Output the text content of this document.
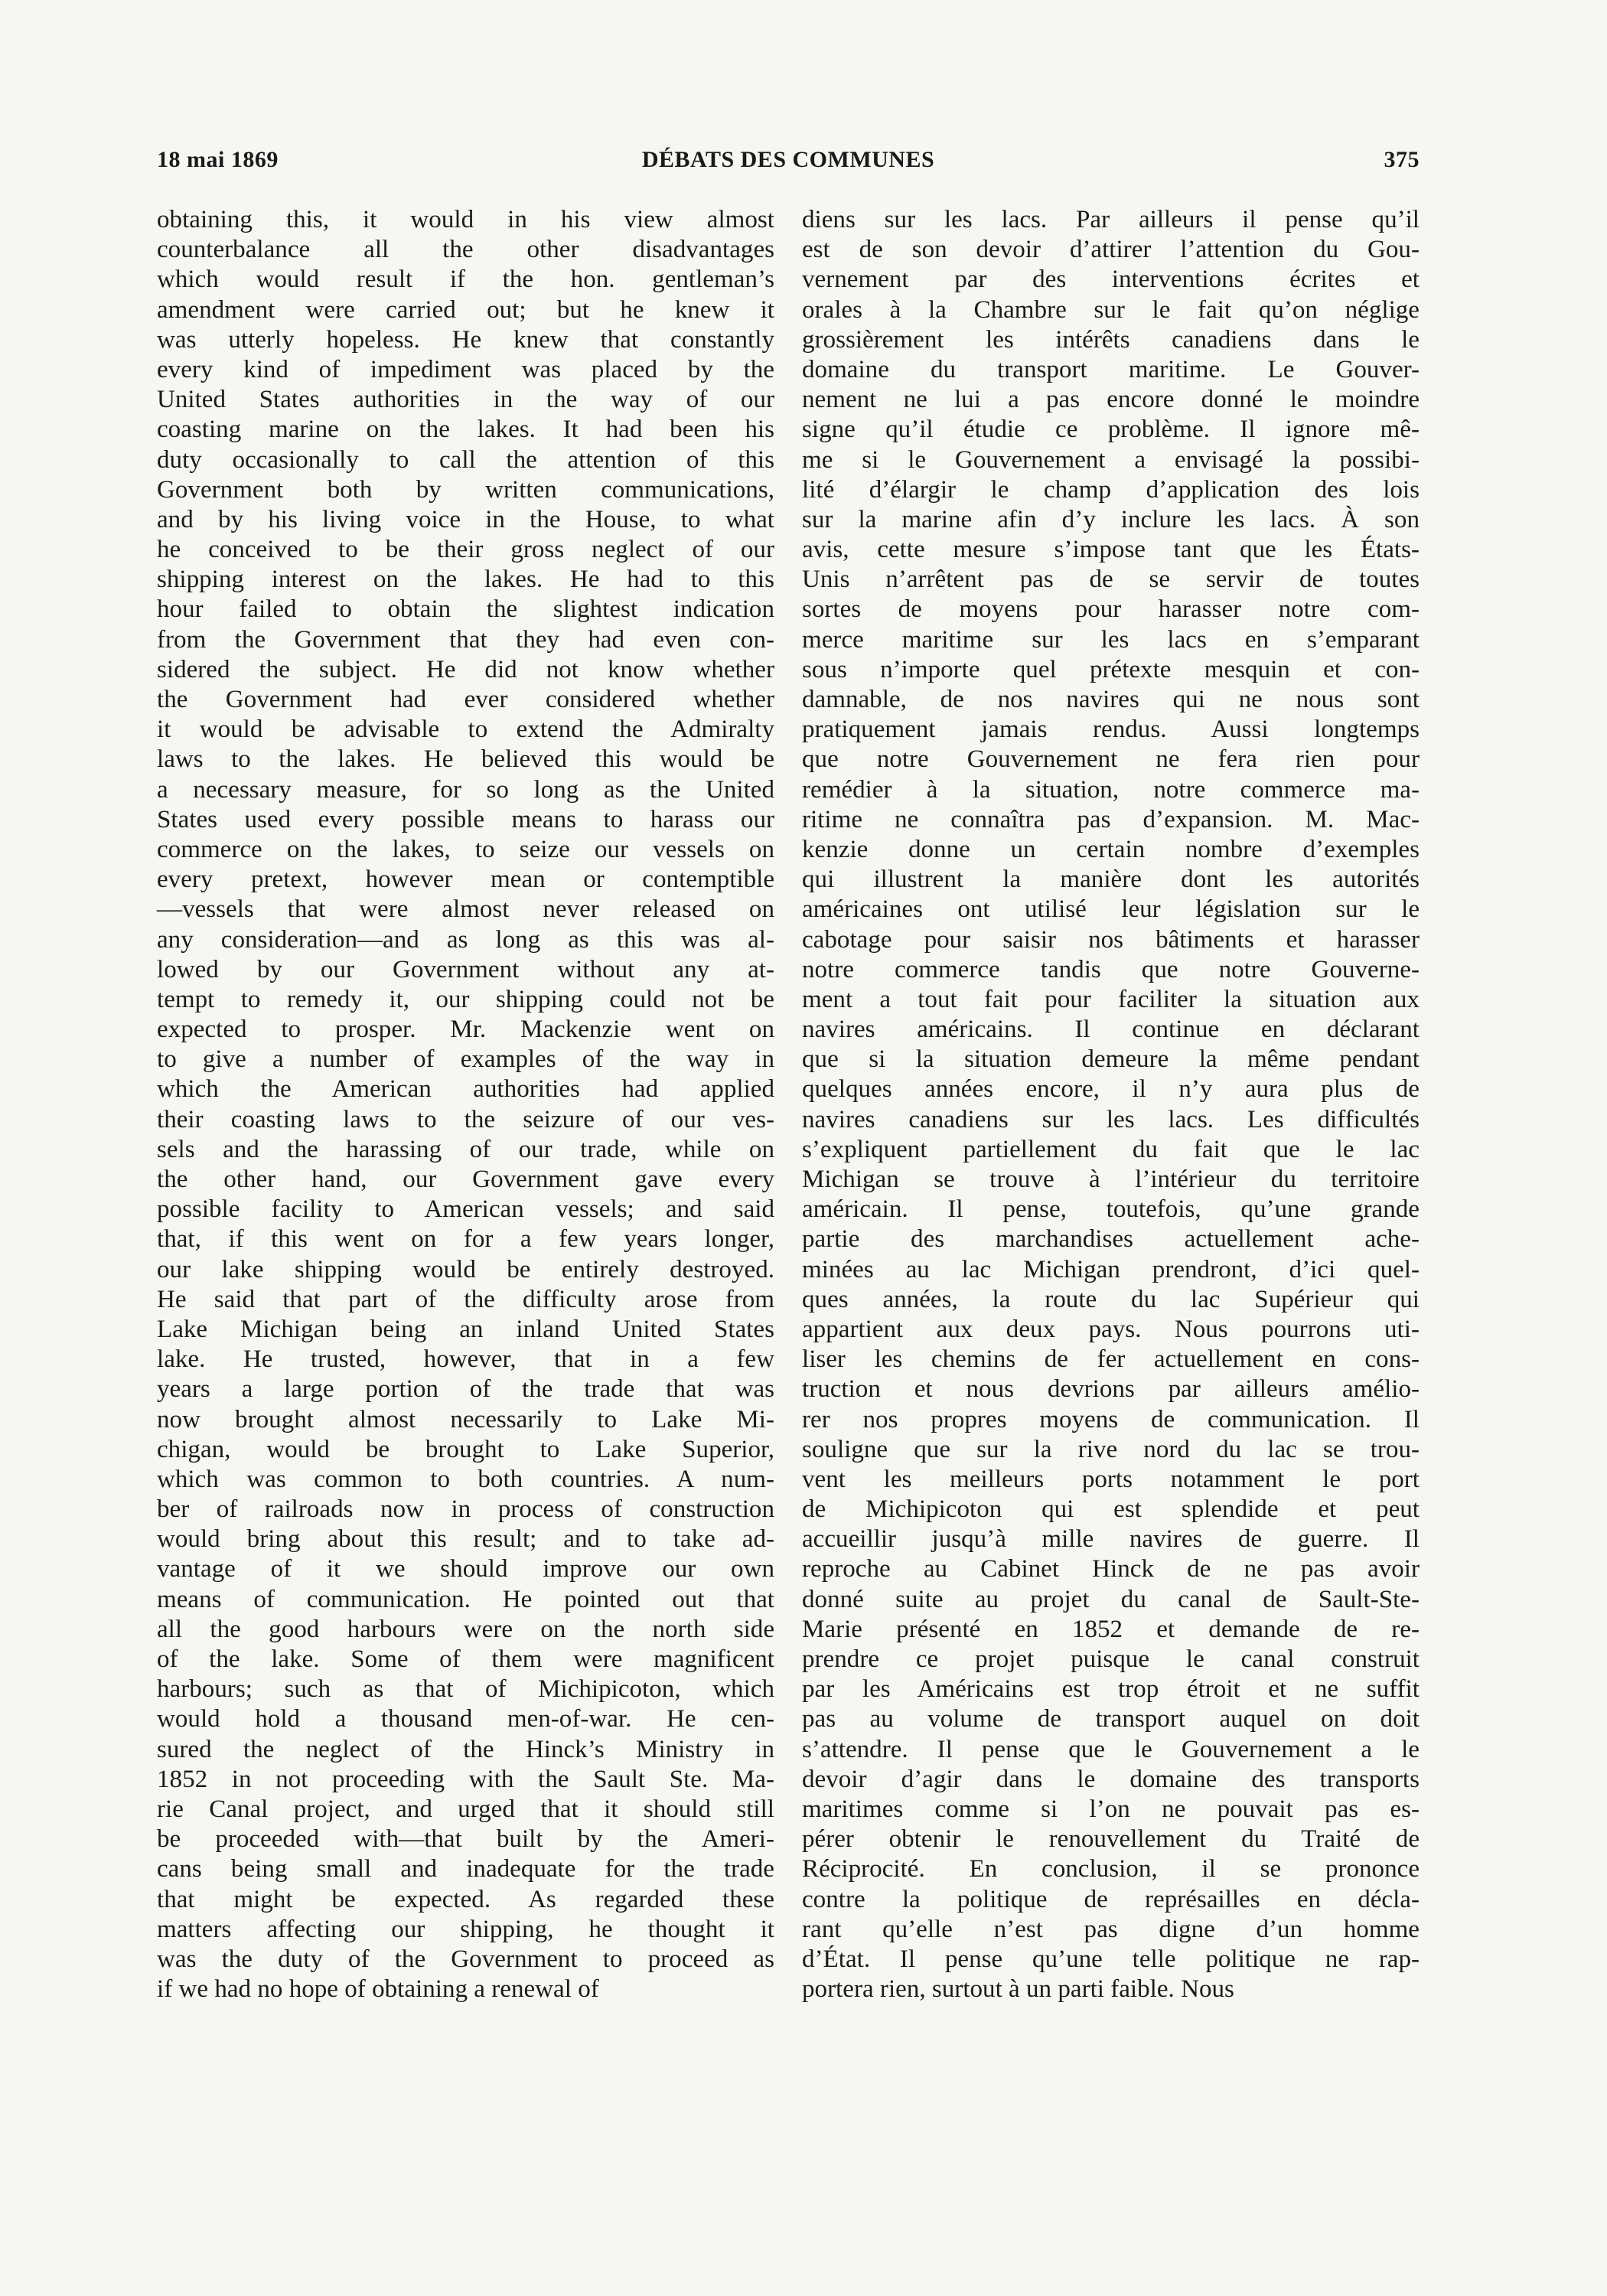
18 mai 1869	DÉBATS DES COMMUNES	375
obtaining this, it would in his view almost
counterbalance all the other disadvantages
which would result if the hon. gentleman’s
amendment were carried out; but he knew it
was utterly hopeless. He knew that constantly
every kind of impediment was placed by the
United States authorities in the way of our
coasting marine on the lakes. It had been his
duty occasionally to call the attention of this
Government both by written communications,
and by his living voice in the House, to what
he conceived to be their gross neglect of our
shipping interest on the lakes. He had to this
hour failed to obtain the slightest indication
from the Government that they had even con-
sidered the subject. He did not know whether
the Government had ever considered whether
it would be advisable to extend the Admiralty
laws to the lakes. He believed this would be
a necessary measure, for so long as the United
States used every possible means to harass our
commerce on the lakes, to seize our vessels on
every pretext, however mean or contemptible
—vessels that were almost never released on
any consideration—and as long as this was al-
lowed by our Government without any at-
tempt to remedy it, our shipping could not be
expected to prosper. Mr. Mackenzie went on
to give a number of examples of the way in
which the American authorities had applied
their coasting laws to the seizure of our ves-
sels and the harassing of our trade, while on
the other hand, our Government gave every
possible facility to American vessels; and said
that, if this went on for a few years longer,
our lake shipping would be entirely destroyed.
He said that part of the difficulty arose from
Lake Michigan being an inland United States
lake. He trusted, however, that in a few
years a large portion of the trade that was
now brought almost necessarily to Lake Mi-
chigan, would be brought to Lake Superior,
which was common to both countries. A num-
ber of railroads now in process of construction
would bring about this result; and to take ad-
vantage of it we should improve our own
means of communication. He pointed out that
all the good harbours were on the north side
of the lake. Some of them were magnificent
harbours; such as that of Michipicoton, which
would hold a thousand men-of-war. He cen-
sured the neglect of the Hinck’s Ministry in
1852 in not proceeding with the Sault Ste. Ma-
rie Canal project, and urged that it should still
be proceeded with—that built by the Ameri-
cans being small and inadequate for the trade
that might be expected. As regarded these
matters affecting our shipping, he thought it
was the duty of the Government to proceed as
if we had no hope of obtaining a renewal of
diens sur les lacs. Par ailleurs il pense qu’il
est de son devoir d’attirer l’attention du Gou-
vernement par des interventions écrites et
orales à la Chambre sur le fait qu’on néglige
grossièrement les intérêts canadiens dans le
domaine du transport maritime. Le Gouver-
nement ne lui a pas encore donné le moindre
signe qu’il étudie ce problème. Il ignore mê-
me si le Gouvernement a envisagé la possibi-
lité d’élargir le champ d’application des lois
sur la marine afin d’y inclure les lacs. À son
avis, cette mesure s’impose tant que les États-
Unis n’arrêtent pas de se servir de toutes
sortes de moyens pour harasser notre com-
merce maritime sur les lacs en s’emparant
sous n’importe quel prétexte mesquin et con-
damnable, de nos navires qui ne nous sont
pratiquement jamais rendus. Aussi longtemps
que notre Gouvernement ne fera rien pour
remédier à la situation, notre commerce ma-
ritime ne connaîtra pas d’expansion. M. Mac-
kenzie donne un certain nombre d’exemples
qui illustrent la manière dont les autorités
américaines ont utilisé leur législation sur le
cabotage pour saisir nos bâtiments et harasser
notre commerce tandis que notre Gouverne-
ment a tout fait pour faciliter la situation aux
navires américains. Il continue en déclarant
que si la situation demeure la même pendant
quelques années encore, il n’y aura plus de
navires canadiens sur les lacs. Les difficultés
s’expliquent partiellement du fait que le lac
Michigan se trouve à l’intérieur du territoire
américain. Il pense, toutefois, qu’une grande
partie des marchandises actuellement ache-
minées au lac Michigan prendront, d’ici quel-
ques années, la route du lac Supérieur qui
appartient aux deux pays. Nous pourrons uti-
liser les chemins de fer actuellement en cons-
truction et nous devrions par ailleurs amélio-
rer nos propres moyens de communication. Il
souligne que sur la rive nord du lac se trou-
vent les meilleurs ports notamment le port
de Michipicoton qui est splendide et peut
accueillir jusqu’à mille navires de guerre. Il
reproche au Cabinet Hinck de ne pas avoir
donné suite au projet du canal de Sault-Ste-
Marie présenté en 1852 et demande de re-
prendre ce projet puisque le canal construit
par les Américains est trop étroit et ne suffit
pas au volume de transport auquel on doit
s’attendre. Il pense que le Gouvernement a le
devoir d’agir dans le domaine des transports
maritimes comme si l’on ne pouvait pas es-
pérer obtenir le renouvellement du Traité de
Réciprocité. En conclusion, il se prononce
contre la politique de représailles en décla-
rant qu’elle n’est pas digne d’un homme
d’État. Il pense qu’une telle politique ne rap-
portera rien, surtout à un parti faible. Nous
